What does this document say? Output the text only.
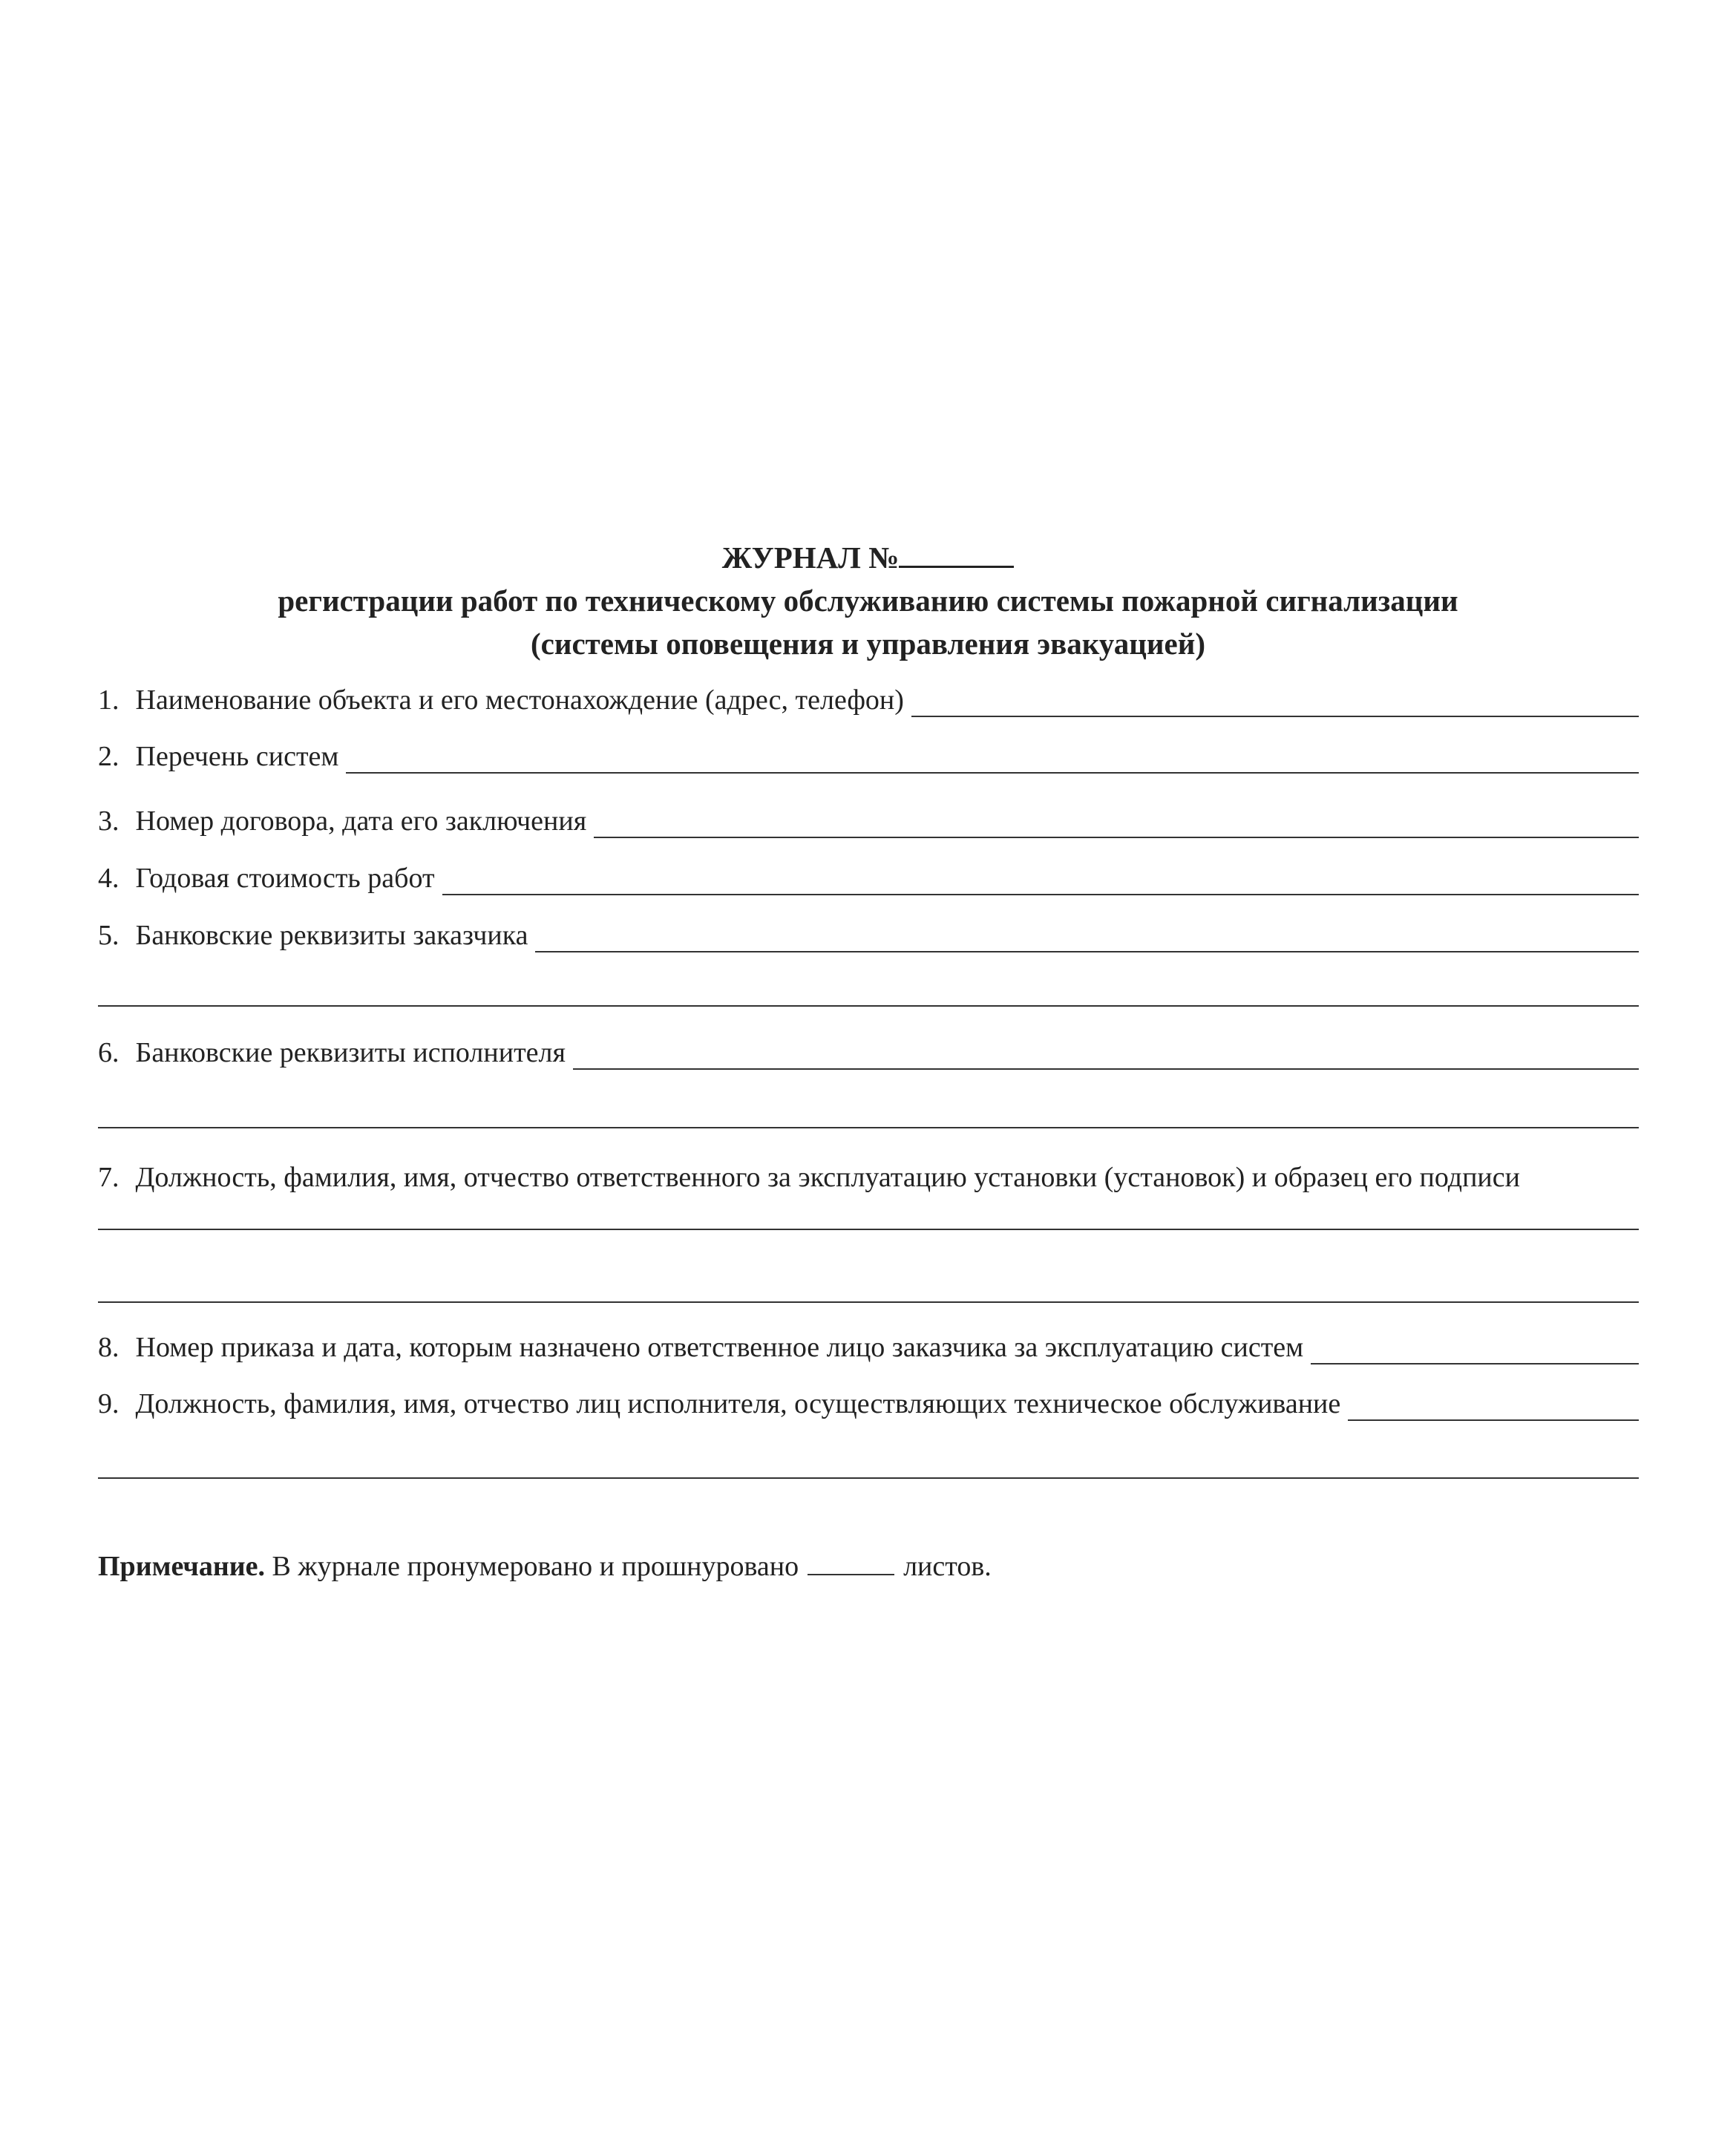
ЖУРНАЛ №
регистрации работ по техническому обслуживанию системы пожарной сигнализации
(системы оповещения и управления эвакуацией)
1. Наименование объекта и его местонахождение (адрес, телефон)
2. Перечень систем
3. Номер договора, дата его заключения
4. Годовая стоимость работ
5. Банковские реквизиты заказчика
6. Банковские реквизиты исполнителя
7. Должность, фамилия, имя, отчество ответственного за эксплуатацию установки (установок) и образец его подписи
8. Номер приказа и дата, которым назначено ответственное лицо заказчика за эксплуатацию систем
9. Должность, фамилия, имя, отчество лиц исполнителя, осуществляющих техническое обслуживание
Примечание. В журнале пронумеровано и прошнуровано	листов.
